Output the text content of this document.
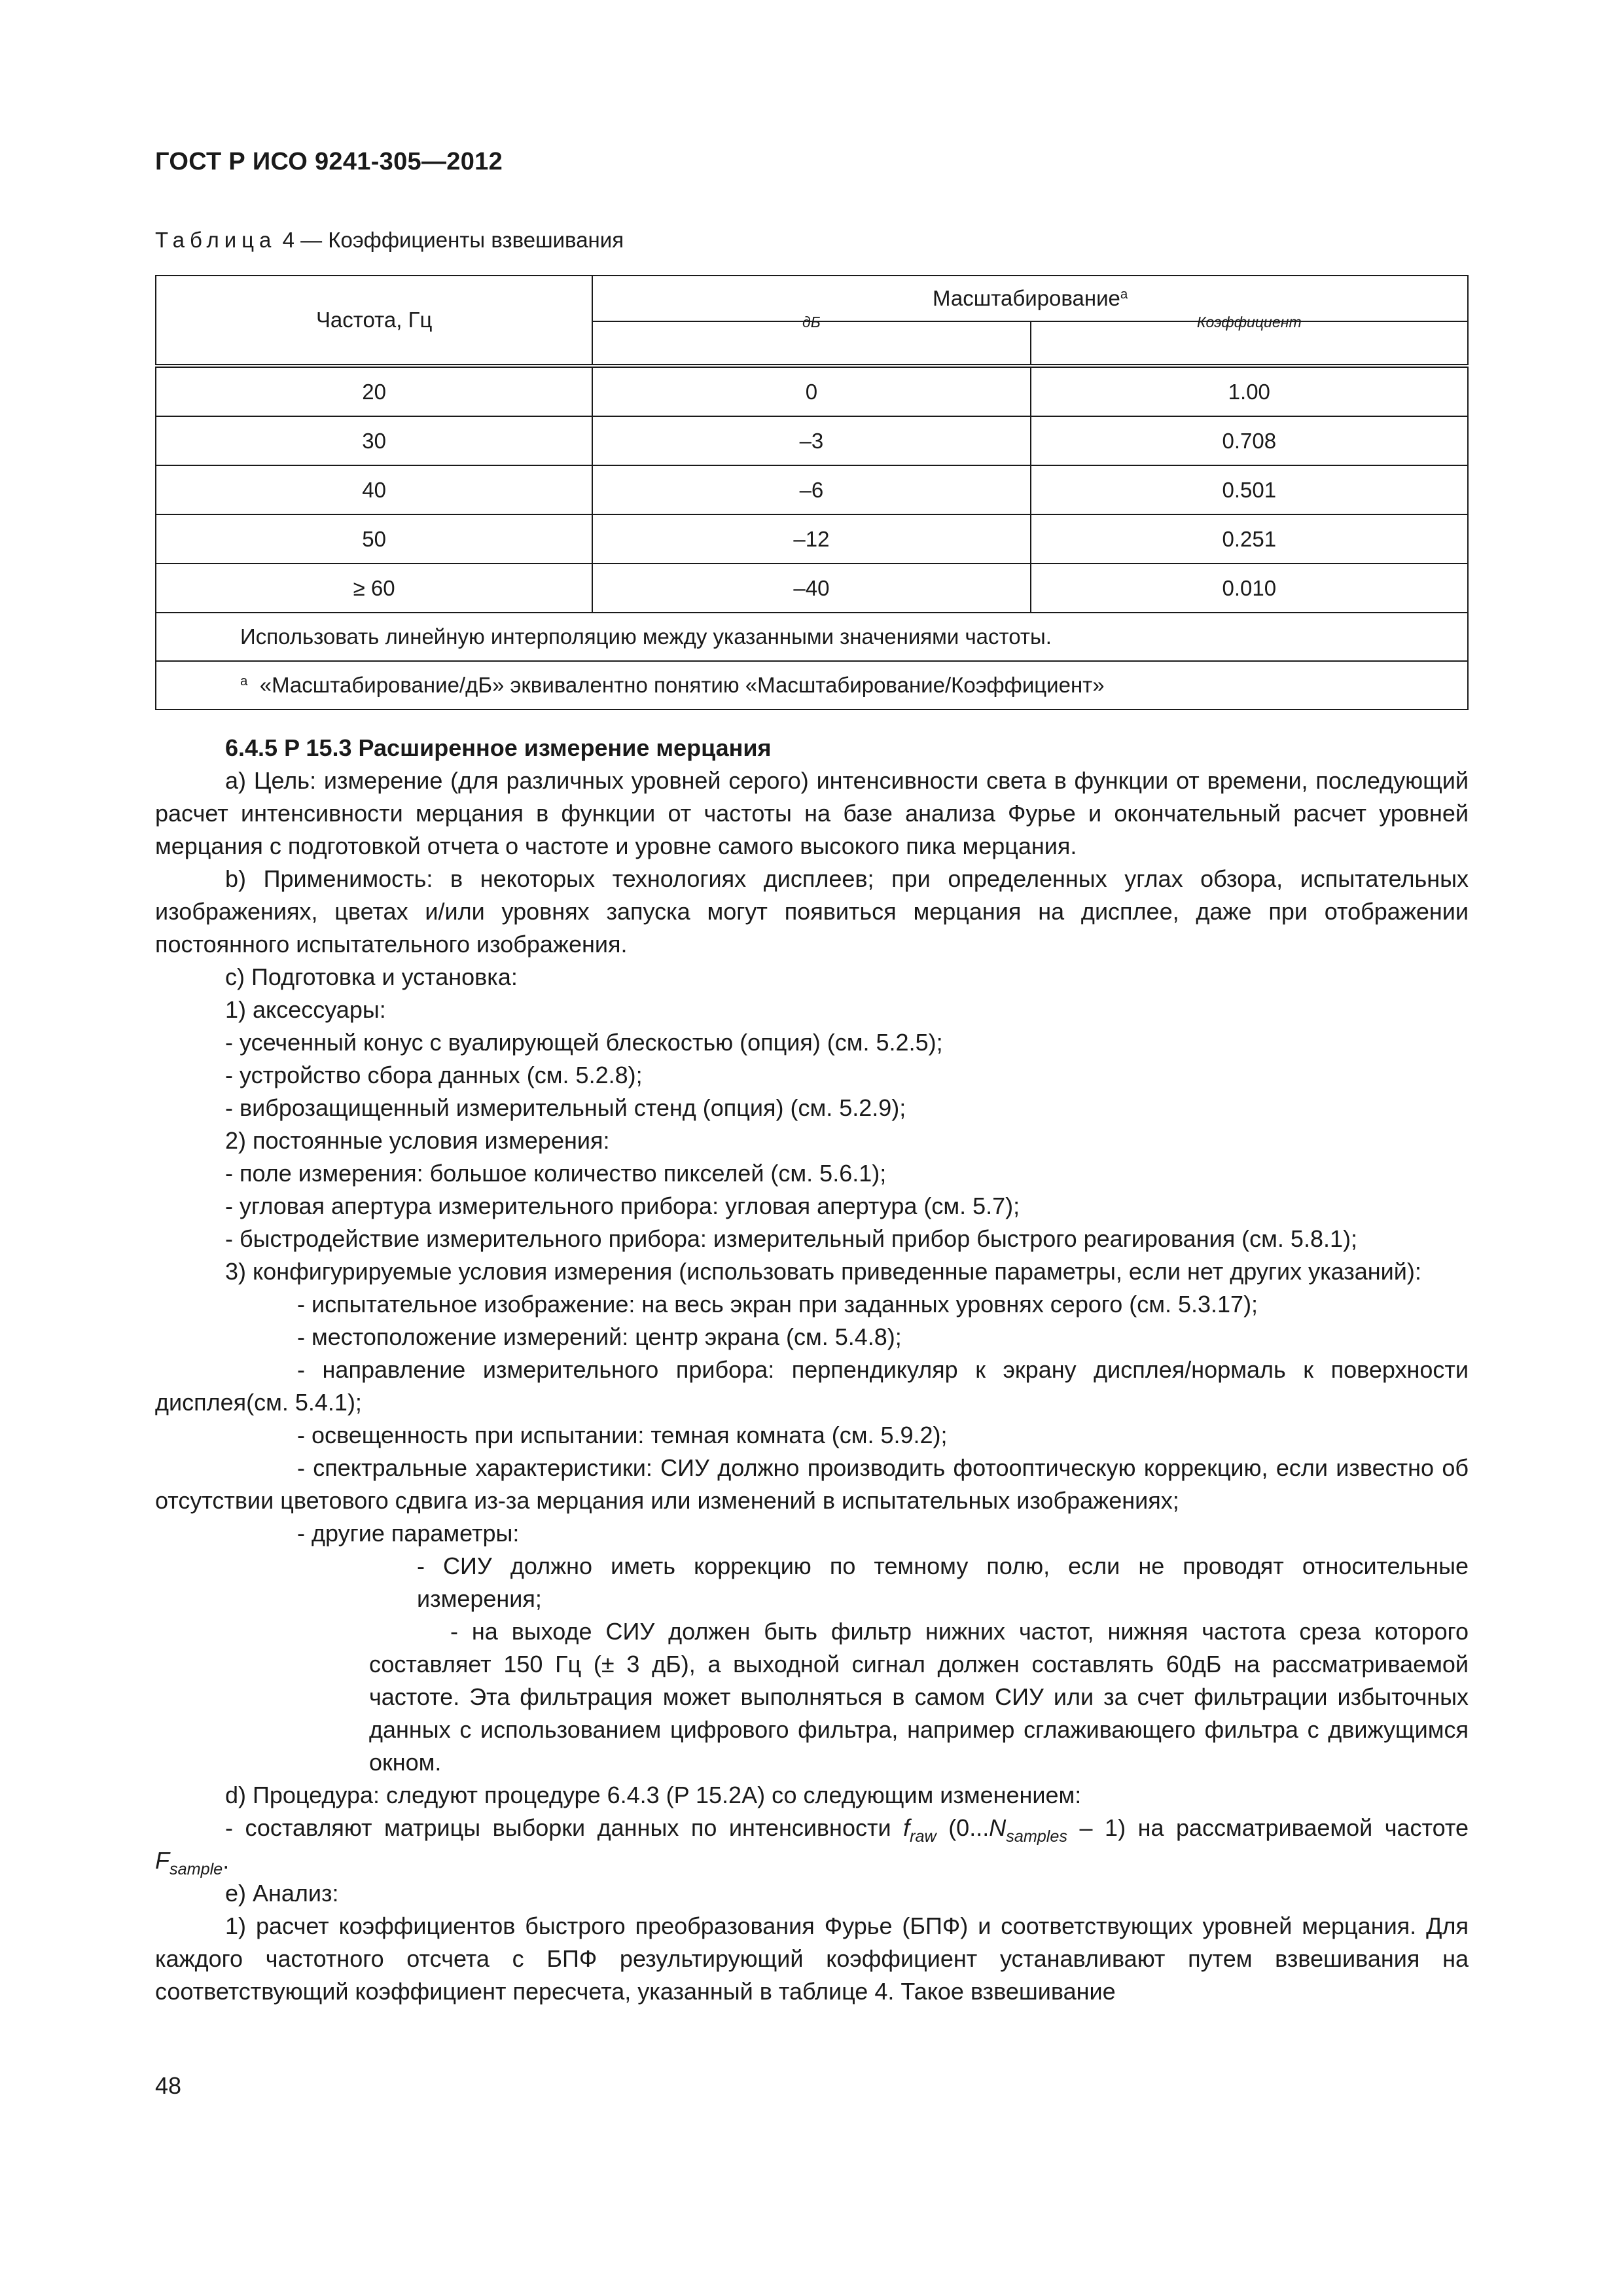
ГОСТ Р ИСО 9241-305—2012
Таблица 4 — Коэффициенты взвешивания
Частота, Гц	Масштабирование$^a$
	дБ	Коэффициент
20	0	1.00
30	–3	0.708
40	–6	0.501
50	–12	0.251
≥ 60	–40	0.010
Использовать линейную интерполяцию между указанными значениями частоты.		
$^a$ «Масштабирование/дБ» эквивалентно понятию «Масштабирование/Коэффициент»		

6.4.5 P 15.3 Расширенное измерение мерцания

a) Цель: измерение (для различных уровней серого) интенсивности света в функции от времени, последующий расчет интенсивности мерцания в функции от частоты на базе анализа Фурье и окончательный расчет уровней мерцания с подготовкой отчета о частоте и уровне самого высокого пика мерцания.

b) Применимость: в некоторых технологиях дисплеев; при определенных углах обзора, испытательных изображениях, цветах и/или уровнях запуска могут появиться мерцания на дисплее, даже при отображении постоянного испытательного изображения.

c) Подготовка и установка:

1) аксессуары:

- усеченный конус с вуалирующей блескостью (опция) (см. 5.2.5);

- устройство сбора данных (см. 5.2.8);

- виброзащищенный измерительный стенд (опция) (см. 5.2.9);

2) постоянные условия измерения:

- поле измерения: большое количество пикселей (см. 5.6.1);

- угловая апертура измерительного прибора: угловая апертура (см. 5.7);

- быстродействие измерительного прибора: измерительный прибор быстрого реагирования (см. 5.8.1);

3) конфигурируемые условия измерения (использовать приведенные параметры, если нет других указаний):

- испытательное изображение: на весь экран при заданных уровнях серого (см. 5.3.17);

- местоположение измерений: центр экрана (см. 5.4.8);

- направление измерительного прибора: перпендикуляр к экрану дисплея/нормаль к поверхности дисплея(см. 5.4.1);

- освещенность при испытании: темная комната (см. 5.9.2);

- спектральные характеристики: СИУ должно производить фотооптическую коррекцию, если известно об отсутствии цветового сдвига из-за мерцания или изменений в испытательных изображениях;

- другие параметры:

- СИУ должно иметь коррекцию по темному полю, если не проводят относительные измерения;

- на выходе СИУ должен быть фильтр нижних частот, нижняя частота среза которого составляет 150 Гц (± 3 дБ), а выходной сигнал должен составлять 60дБ на рассматриваемой частоте. Эта фильтрация может выполняться в самом СИУ или за счет фильтрации избыточных данных с использованием цифрового фильтра, например сглаживающего фильтра с движущимся окном.

d) Процедура: следуют процедуре 6.4.3 (P 15.2A) со следующим изменением:

- составляют матрицы выборки данных по интенсивности $f_{raw}$ $(0...N_{samples} - 1)$ на рассматриваемой частоте $F_{sample}$.

e) Анализ:

1) расчет коэффициентов быстрого преобразования Фурье (БПФ) и соответствующих уровней мерцания. Для каждого частотного отсчета с БПФ результирующий коэффициент устанавливают путем взвешивания на соответствующий коэффициент пересчета, указанный в таблице 4. Такое взвешивание

48
